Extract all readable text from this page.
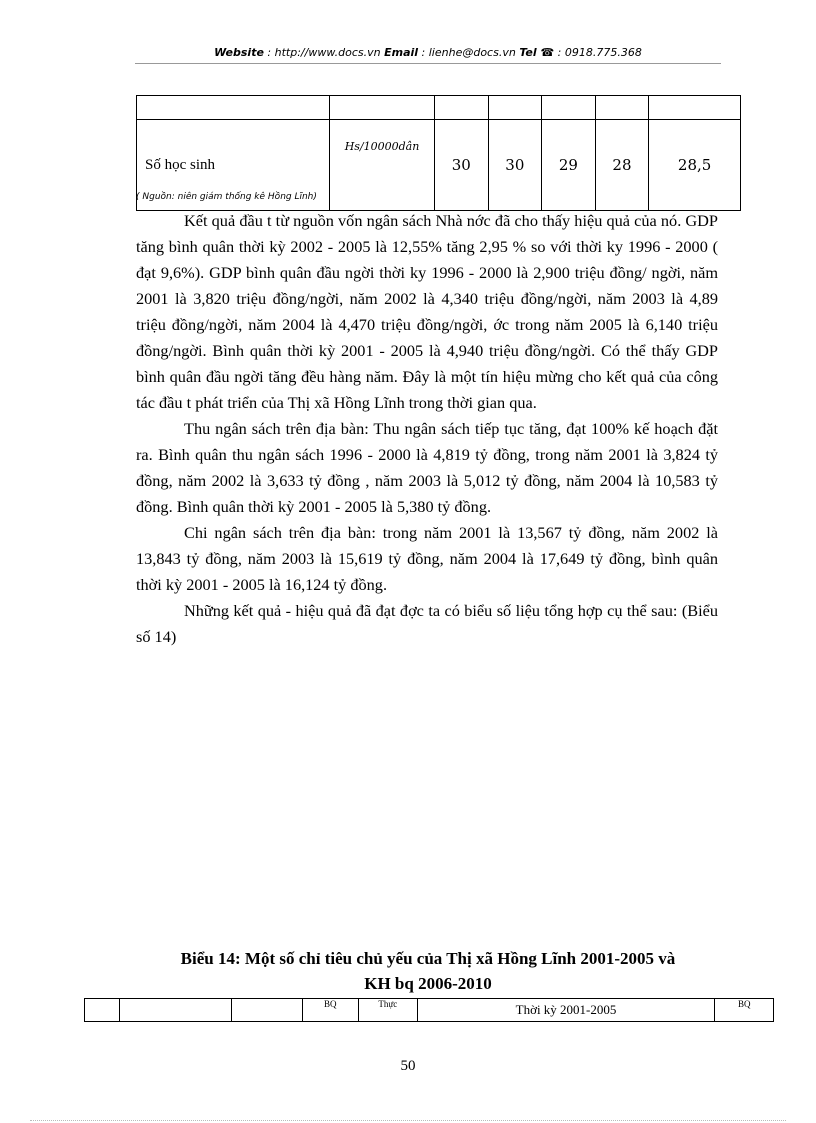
Website : http://www.docs.vn Email : lienhe@docs.vn Tel ☎ : 0918.775.368

Số học sinh	Hs/10000dân	30	30	29	28	28,5
( Nguồn: niên giám thống kê Hồng Lĩnh)

Kết quả đầu t từ nguồn vốn ngân sách Nhà nớc đã cho thấy hiệu quả của nó. GDP tăng bình quân thời kỳ 2002 - 2005 là 12,55% tăng 2,95 % so với thời ky 1996 - 2000 ( đạt 9,6%). GDP bình quân đầu ngời thời ky 1996 - 2000 là 2,900 triệu đồng/ ngời, năm 2001 là 3,820 triệu đồng/ngời, năm 2002 là 4,340 triệu đồng/ngời, năm 2003 là 4,89 triệu đồng/ngời, năm 2004 là 4,470 triệu đồng/ngời, ớc trong năm 2005 là 6,140 triệu đồng/ngời. Bình quân thời kỳ 2001 - 2005 là 4,940 triệu đồng/ngời. Có thể thấy GDP bình quân đầu ngời tăng đều hàng năm. Đây là một tín hiệu mừng cho kết quả của công tác đầu t phát triển của Thị xã Hồng Lĩnh trong thời gian qua.

Thu ngân sách trên địa bàn: Thu ngân sách tiếp tục tăng, đạt 100% kế hoạch đặt ra. Bình quân thu ngân sách 1996 - 2000 là 4,819 tỷ đồng, trong năm 2001 là 3,824 tỷ đồng, năm 2002 là 3,633 tỷ đồng , năm 2003 là 5,012 tỷ đồng, năm 2004 là 10,583 tỷ đồng. Bình quân thời kỳ 2001 - 2005 là 5,380 tỷ đồng.

Chi ngân sách trên địa bàn: trong năm 2001 là 13,567 tỷ đồng, năm 2002 là 13,843 tỷ đồng, năm 2003 là 15,619 tỷ đồng, năm 2004 là 17,649 tỷ đồng, bình quân thời kỳ 2001 - 2005 là 16,124 tỷ đồng.

Những kết quả - hiệu quả đã đạt đợc ta có biểu số liệu tổng hợp cụ thể sau: (Biểu số 14)

Biểu 14: Một số chỉ tiêu chủ yếu của Thị xã Hồng Lĩnh 2001-2005 và
KH bq 2006-2010
			BQ	Thực	Thời kỳ 2001-2005	BQ
50
